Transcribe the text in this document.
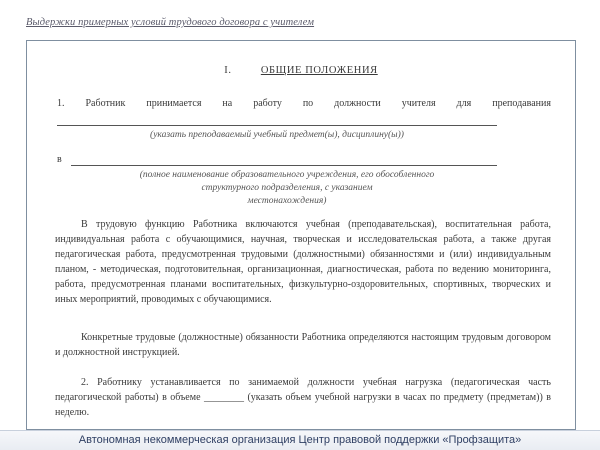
Выдержки примерных условий трудового договора с учителем
I.	ОБЩИЕ ПОЛОЖЕНИЯ
1. Работник принимается на работу по должности учителя для преподавания
(указать преподаваемый учебный предмет(ы), дисциплину(ы))
в
(полное наименование образовательного учреждения, его обособленного
структурного подразделения, с указанием
местонахождения)
В трудовую функцию Работника включаются учебная (преподавательская), воспитательная работа, индивидуальная работа с обучающимися, научная, творческая и исследовательская работа, а также другая педагогическая работа, предусмотренная трудовыми (должностными) обязанностями и (или) индивидуальным планом, - методическая, подготовительная, организационная, диагностическая, работа по ведению мониторинга, работа, предусмотренная планами воспитательных, физкультурно-оздоровительных, спортивных, творческих и иных мероприятий, проводимых с обучающимися.
Конкретные трудовые (должностные) обязанности Работника определяются настоящим трудовым договором и должностной инструкцией.
2. Работнику устанавливается по занимаемой должности учебная нагрузка (педагогическая часть педагогической работы) в объеме ________ (указать объем учебной нагрузки в часах по предмету (предметам)) в неделю.
Автономная некоммерческая организация Центр правовой поддержки «Профзащита»
